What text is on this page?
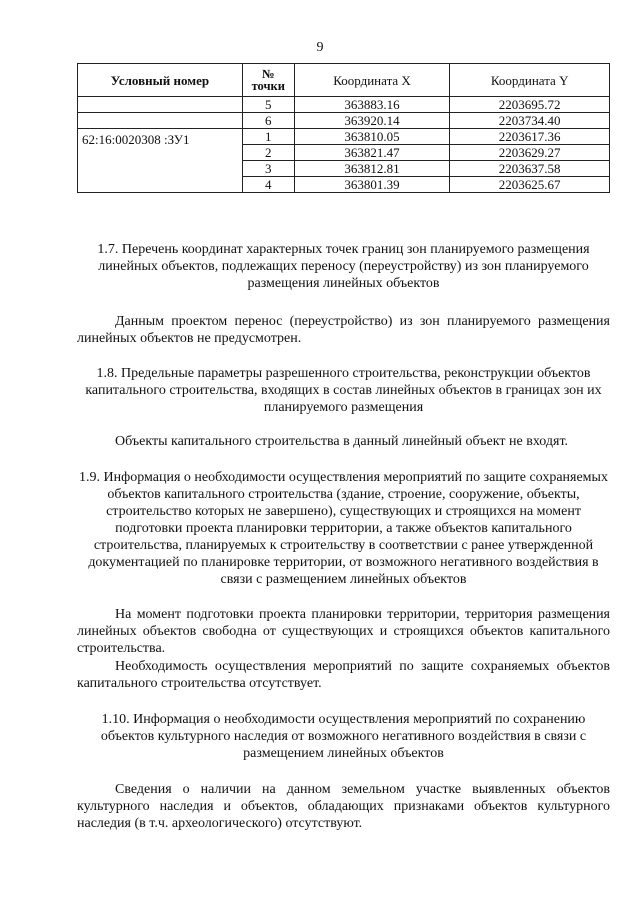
9
Условный номер	№ точки	Координата X	Координата Y
	5	363883.16	2203695.72
	6	363920.14	2203734.40
62:16:0020308 :ЗУ1	1	363810.05	2203617.36
	2	363821.47	2203629.27
	3	363812.81	2203637.58
	4	363801.39	2203625.67
1.7. Перечень координат характерных точек границ зон планируемого размещения линейных объектов, подлежащих переносу (переустройству) из зон планируемого размещения линейных объектов
Данным проектом перенос (переустройство) из зон планируемого размещения линейных объектов не предусмотрен.
1.8. Предельные параметры разрешенного строительства, реконструкции объектов капитального строительства, входящих в состав линейных объектов в границах зон их планируемого размещения
Объекты капитального строительства в данный линейный объект не входят.
1.9. Информация о необходимости осуществления мероприятий по защите сохраняемых объектов капитального строительства (здание, строение, сооружение, объекты, строительство которых не завершено), существующих и строящихся на момент подготовки проекта планировки территории, а также объектов капитального строительства, планируемых к строительству в соответствии с ранее утвержденной документацией по планировке территории, от возможного негативного воздействия в связи с размещением линейных объектов
На момент подготовки проекта планировки территории, территория размещения линейных объектов свободна от существующих и строящихся объектов капитального строительства.
Необходимость осуществления мероприятий по защите сохраняемых объектов капитального строительства отсутствует.
1.10. Информация о необходимости осуществления мероприятий по сохранению объектов культурного наследия от возможного негативного воздействия в связи с размещением линейных объектов
Сведения о наличии на данном земельном участке выявленных объектов культурного наследия и объектов, обладающих признаками объектов культурного наследия (в т.ч. археологического) отсутствуют.
